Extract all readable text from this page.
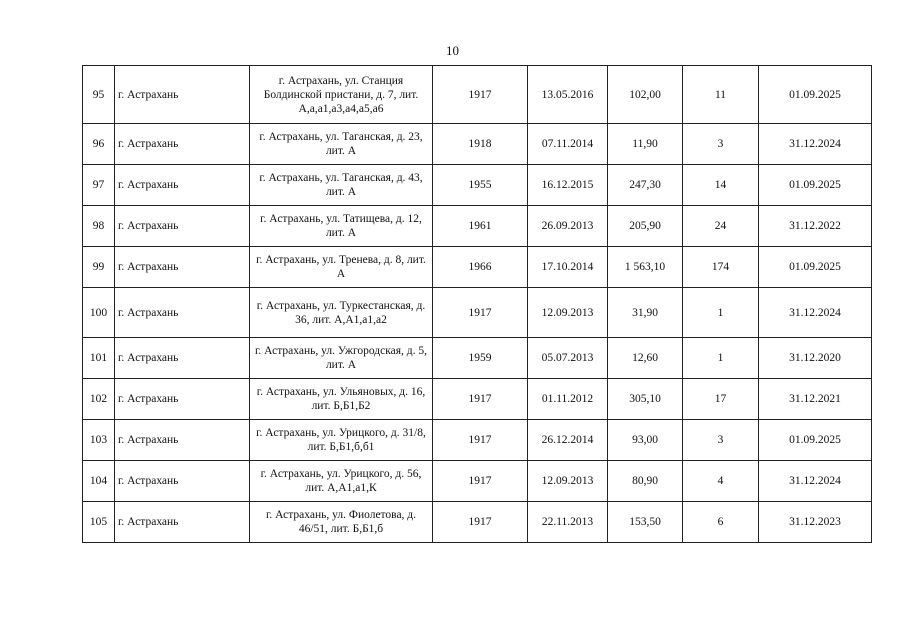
10
95	г. Астрахань	г. Астрахань, ул. Станция Болдинской пристани, д. 7, лит. А,а,а1,а3,а4,а5,а6	1917	13.05.2016	102,00	11	01.09.2025
96	г. Астрахань	г. Астрахань, ул. Таганская, д. 23, лит. А	1918	07.11.2014	11,90	3	31.12.2024
97	г. Астрахань	г. Астрахань, ул. Таганская, д. 43, лит. А	1955	16.12.2015	247,30	14	01.09.2025
98	г. Астрахань	г. Астрахань, ул. Татищева, д. 12, лит. А	1961	26.09.2013	205,90	24	31.12.2022
99	г. Астрахань	г. Астрахань, ул. Тренева, д. 8, лит. А	1966	17.10.2014	1 563,10	174	01.09.2025
100	г. Астрахань	г. Астрахань, ул. Туркестанская, д. 36, лит. А,А1,а1,а2	1917	12.09.2013	31,90	1	31.12.2024
101	г. Астрахань	г. Астрахань, ул. Ужгородская, д. 5, лит. А	1959	05.07.2013	12,60	1	31.12.2020
102	г. Астрахань	г. Астрахань, ул. Ульяновых, д. 16, лит. Б,Б1,Б2	1917	01.11.2012	305,10	17	31.12.2021
103	г. Астрахань	г. Астрахань, ул. Урицкого, д. 31/8, лит. Б,Б1,б,б1	1917	26.12.2014	93,00	3	01.09.2025
104	г. Астрахань	г. Астрахань, ул. Урицкого, д. 56, лит. А,А1,а1,К	1917	12.09.2013	80,90	4	31.12.2024
105	г. Астрахань	г. Астрахань, ул. Фиолетова, д. 46/51, лит. Б,Б1,б	1917	22.11.2013	153,50	6	31.12.2023
